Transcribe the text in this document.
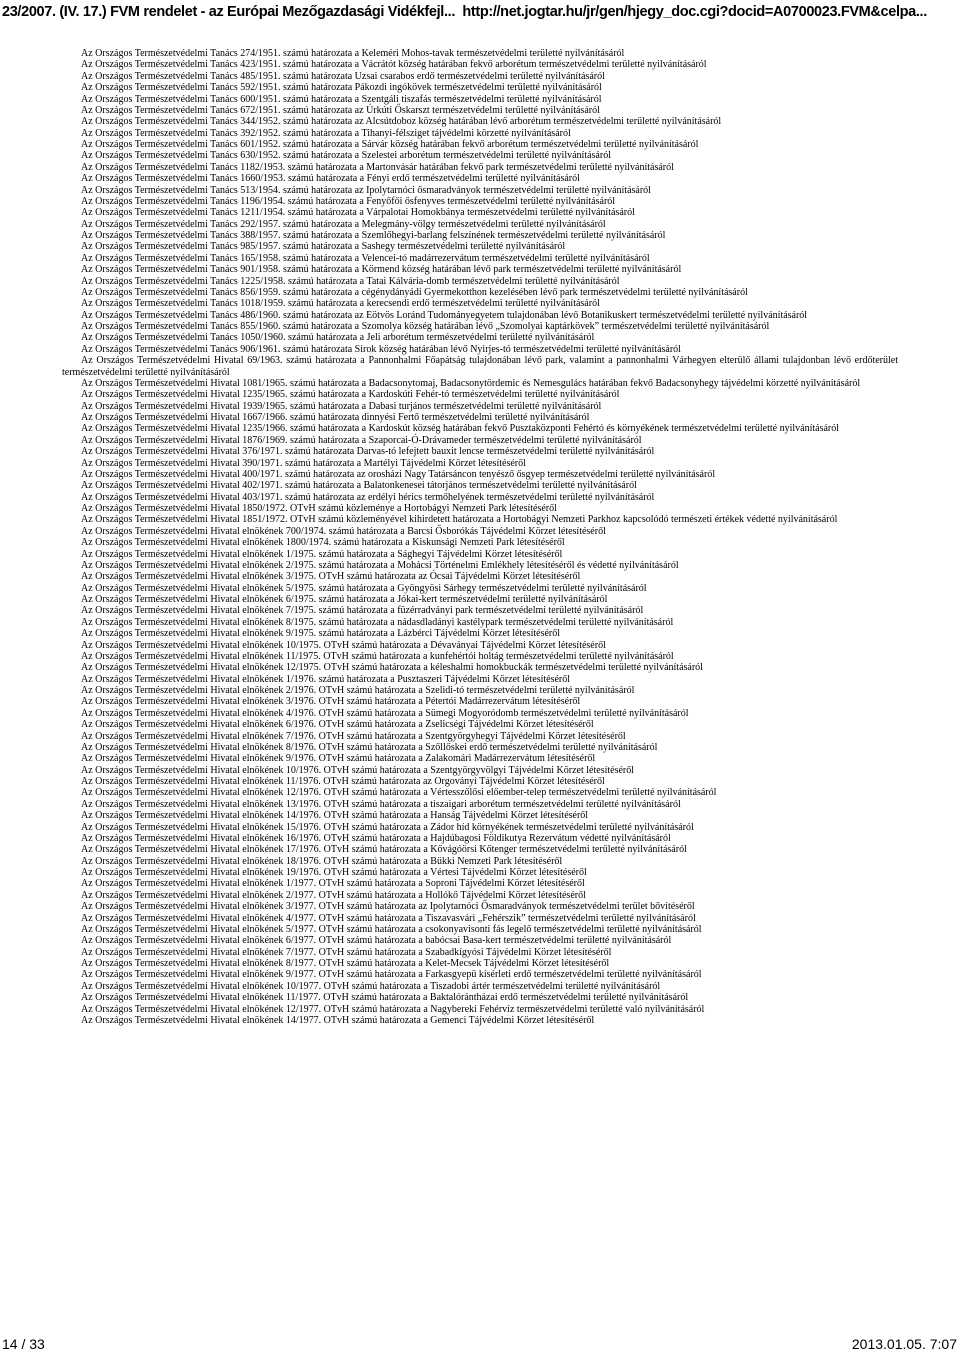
23/2007. (IV. 17.) FVM rendelet - az Európai Mezőgazdasági Vidékfejl... http://net.jogtar.hu/jr/gen/hjegy_doc.cgi?docid=A0700023.FVM&celpa...
Az Országos Természetvédelmi Tanács 274/1951. számú határozata a Keleméri Mohos-tavak természetvédelmi területté nyilvánításáról
Az Országos Természetvédelmi Tanács 423/1951. számú határozata a Vácrátót község határában fekvő arborétum természetvédelmi területté nyilvánításáról
Az Országos Természetvédelmi Tanács 485/1951. számú határozata Uzsai csarabos erdő természetvédelmi területté nyilvánításáról
Az Országos Természetvédelmi Tanács 592/1951. számú határozata Pákozdi ingókövek természetvédelmi területté nyilvánításáról
Az Országos Természetvédelmi Tanács 600/1951. számú határozata a Szentgáli tiszafás természetvédelmi területté nyilvánításáról
Az Országos Természetvédelmi Tanács 672/1951. számú határozata az Úrkúti Őskarszt természetvédelmi területté nyilvánításáról
Az Országos Természetvédelmi Tanács 344/1952. számú határozata az Alcsútdoboz község határában lévő arborétum természetvédelmi területté nyilvánításáról
Az Országos Természetvédelmi Tanács 392/1952. számú határozata a Tihanyi-félsziget tájvédelmi körzetté nyilvánításáról
Az Országos Természetvédelmi Tanács 601/1952. számú határozata a Sárvár község határában fekvő arborétum természetvédelmi területté nyilvánításáról
Az Országos Természetvédelmi Tanács 630/1952. számú határozata a Szelestei arborétum természetvédelmi területté nyilvánításáról
Az Országos Természetvédelmi Tanács 1182/1953. számú határozata a Martonvásár határában fekvő park természetvédelmi területté nyilvánításáról
Az Országos Természetvédelmi Tanács 1660/1953. számú határozata a Fényi erdő természetvédelmi területté nyilvánításáról
Az Országos Természetvédelmi Tanács 513/1954. számú határozata az Ipolytarnóci ősmaradványok természetvédelmi területté nyilvánításáról
Az Országos Természetvédelmi Tanács 1196/1954. számú határozata a Fenyőfői ősfenyves természetvédelmi területté nyilvánításáról
Az Országos Természetvédelmi Tanács 1211/1954. számú határozata a Várpalotai Homokbánya természetvédelmi területté nyilvánításáról
Az Országos Természetvédelmi Tanács 292/1957. számú határozata a Melegmány-völgy természetvédelmi területté nyilvánításáról
Az Országos Természetvédelmi Tanács 388/1957. számú határozata a Szemlőhegyi-barlang felszínének természetvédelmi területté nyilvánításáról
Az Országos Természetvédelmi Tanács 985/1957. számú határozata a Sashegy természetvédelmi területté nyilvánításáról
Az Országos Természetvédelmi Tanács 165/1958. számú határozata a Velencei-tó madárrezervátum természetvédelmi területté nyilvánításáról
Az Országos Természetvédelmi Tanács 901/1958. számú határozata a Körmend község határában lévő park természetvédelmi területté nyilvánításáról
Az Országos Természetvédelmi Tanács 1225/1958. számú határozata a Tatai Kálvária-domb természetvédelmi területté nyilvánításáról
Az Országos Természetvédelmi Tanács 856/1959. számú határozata a cégénydányádi Gyermekotthon kezelésében lévő park természetvédelmi területté nyilvánításáról
Az Országos Természetvédelmi Tanács 1018/1959. számú határozata a kerecsendi erdő természetvédelmi területté nyilvánításáról
Az Országos Természetvédelmi Tanács 486/1960. számú határozata az Eötvös Loránd Tudományegyetem tulajdonában lévő Botanikuskert természetvédelmi területté nyilvánításáról
Az Országos Természetvédelmi Tanács 855/1960. számú határozata a Szomolya község határában lévő „Szomolyai kaptárkövek” természetvédelmi területté nyilvánításáról
Az Országos Természetvédelmi Tanács 1050/1960. számú határozata a Jeli arborétum természetvédelmi területté nyilvánításáról
Az Országos Természetvédelmi Tanács 906/1961. számú határozata Sirok község határában lévő Nyirjes-tó természetvédelmi területté nyilvánításáról
Az Országos Természetvédelmi Hivatal 69/1963. számú határozata a Pannonhalmi Főapátság tulajdonában lévő park, valamint a pannonhalmi Várhegyen elterülő állami tulajdonban lévő erdőterület természetvédelmi területté nyilvánításáról
Az Országos Természetvédelmi Hivatal 1081/1965. számú határozata a Badacsonytomaj, Badacsonytördemic és Nemesgulács határában fekvő Badacsonyhegy tájvédelmi körzetté nyilvánításáról
Az Országos Természetvédelmi Hivatal 1235/1965. számú határozata a Kardoskúti Fehér-tó természetvédelmi területté nyilvánításáról
Az Országos Természetvédelmi Hivatal 1939/1965. számú határozata a Dabasi turjános természetvédelmi területté nyilvánításáról
Az Országos Természetvédelmi Hivatal 1667/1966. számú határozata dinnyési Fertő természetvédelmi területté nyilvánításáról
Az Országos Természetvédelmi Hivatal 1235/1966. számú határozata a Kardoskút község határában fekvő Pusztaközponti Fehértó és környékének természetvédelmi területté nyilvánításáról
Az Országos Természetvédelmi Hivatal 1876/1969. számú határozata a Szaporcai-Ó-Drávameder természetvédelmi területté nyilvánításáról
Az Országos Természetvédelmi Hivatal 376/1971. számú határozata Darvas-tó lefejtett bauxit lencse természetvédelmi területté nyilvánításáról
Az Országos Természetvédelmi Hivatal 390/1971. számú határozata a Martélyi Tájvédelmi Körzet létesítéséről
Az Országos Természetvédelmi Hivatal 400/1971. számú határozata az orosházi Nagy Tatársáncon tenyésző ősgyep természetvédelmi területté nyilvánításáról
Az Országos Természetvédelmi Hivatal 402/1971. számú határozata a Balatonkenesei tátorjános természetvédelmi területté nyilvánításáról
Az Országos Természetvédelmi Hivatal 403/1971. számú határozata az erdélyi hérics termőhelyének természetvédelmi területté nyilvánításáról
Az Országos Természetvédelmi Hivatal 1850/1972. OTvH számú közleménye a Hortobágyi Nemzeti Park létesítéséről
Az Országos Természetvédelmi Hivatal 1851/1972. OTvH számú közleményével kihirdetett határozata a Hortobágyi Nemzeti Parkhoz kapcsolódó természeti értékek védetté nyilvánításáról
Az Országos Természetvédelmi Hivatal elnökének 700/1974. számú határozata a Barcsi Ősborókás Tájvédelmi Körzet létesítéséről
Az Országos Természetvédelmi Hivatal elnökének 1800/1974. számú határozata a Kiskunsági Nemzeti Park létesítéséről
Az Országos Természetvédelmi Hivatal elnökének 1/1975. számú határozata a Sághegyi Tájvédelmi Körzet létesítéséről
Az Országos Természetvédelmi Hivatal elnökének 2/1975. számú határozata a Mohácsi Történelmi Emlékhely létesítéséről és védetté nyilvánításáról
Az Országos Természetvédelmi Hivatal elnökének 3/1975. OTvH számú határozata az Ócsai Tájvédelmi Körzet létesítéséről
Az Országos Természetvédelmi Hivatal elnökének 5/1975. számú határozata a Gyöngyösi Sárhegy természetvédelmi területté nyilvánításáról
Az Országos Természetvédelmi Hivatal elnökének 6/1975. számú határozata a Jókai-kert természetvédelmi területté nyilvánításáról
Az Országos Természetvédelmi Hivatal elnökének 7/1975. számú határozata a füzérradványi park természetvédelmi területté nyilvánításáról
Az Országos Természetvédelmi Hivatal elnökének 8/1975. számú határozata a nádasdladányi kastélypark természetvédelmi területté nyilvánításáról
Az Országos Természetvédelmi Hivatal elnökének 9/1975. számú határozata a Lázbérci Tájvédelmi Körzet létesítéséről
Az Országos Természetvédelmi Hivatal elnökének 10/1975. OTvH számú határozata a Dévaványai Tájvédelmi Körzet létesítéséről
Az Országos Természetvédelmi Hivatal elnökének 11/1975. OTvH számú határozata a kunfehértói holtág természetvédelmi területté nyilvánításáról
Az Országos Természetvédelmi Hivatal elnökének 12/1975. OTvH számú határozata a kéleshalmi homokbuckák természetvédelmi területté nyilvánításáról
Az Országos Természetvédelmi Hivatal elnökének 1/1976. számú határozata a Pusztaszeri Tájvédelmi Körzet létesítéséről
Az Országos Természetvédelmi Hivatal elnökének 2/1976. OTvH számú határozata a Szelidi-tó természetvédelmi területté nyilvánításáról
Az Országos Természetvédelmi Hivatal elnökének 3/1976. OTvH számú határozata a Pétertói Madárrezervátum létesítéséről
Az Országos Természetvédelmi Hivatal elnökének 4/1976. OTvH számú határozata a Sümegi Mogyoródomb természetvédelmi területté nyilvánításáról
Az Országos Természetvédelmi Hivatal elnökének 6/1976. OTvH számú határozata a Zselicségi Tájvédelmi Körzet létesítéséről
Az Országos Természetvédelmi Hivatal elnökének 7/1976. OTvH számú határozata a Szentgyörgyhegyi Tájvédelmi Körzet létesítéséről
Az Országos Természetvédelmi Hivatal elnökének 8/1976. OTvH számú határozata a Szőllőskei erdő természetvédelmi területté nyilvánításáról
Az Országos Természetvédelmi Hivatal elnökének 9/1976. OTvH számú határozata a Zalakomári Madárrezervátum létesítéséről
Az Országos Természetvédelmi Hivatal elnökének 10/1976. OTvH számú határozata a Szentgyörgyvölgyi Tájvédelmi Körzet létesítéséről
Az Országos Természetvédelmi Hivatal elnökének 11/1976. OTvH számú határozata az Orgoványi Tájvédelmi Körzet létesítéséről
Az Országos Természetvédelmi Hivatal elnökének 12/1976. OTvH számú határozata a Vértesszőlősi előember-telep természetvédelmi területté nyilvánításáról
Az Országos Természetvédelmi Hivatal elnökének 13/1976. OTvH számú határozata a tiszaigari arborétum természetvédelmi területté nyilvánításáról
Az Országos Természetvédelmi Hivatal elnökének 14/1976. OTvH számú határozata a Hanság Tájvédelmi Körzet létesítéséről
Az Országos Természetvédelmi Hivatal elnökének 15/1976. OTvH számú határozata a Zádor híd környékének természetvédelmi területté nyilvánításáról
Az Országos Természetvédelmi Hivatal elnökének 16/1976. OTvH számú határozata a Hajdúbagosi Földikutya Rezervátum védetté nyilvánításáról
Az Országos Természetvédelmi Hivatal elnökének 17/1976. OTvH számú határozata a Kővágóörsi Kőtenger természetvédelmi területté nyilvánításáról
Az Országos Természetvédelmi Hivatal elnökének 18/1976. OTvH számú határozata a Bükki Nemzeti Park létesítéséről
Az Országos Természetvédelmi Hivatal elnökének 19/1976. OTvH számú határozata a Vértesi Tájvédelmi Körzet létesítéséről
Az Országos Természetvédelmi Hivatal elnökének 1/1977. OTvH számú határozata a Soproni Tájvédelmi Körzet létesítéséről
Az Országos Természetvédelmi Hivatal elnökének 2/1977. OTvH számú határozata a Hollókő Tájvédelmi Körzet létesítéséről
Az Országos Természetvédelmi Hivatal elnökének 3/1977. OTvH számú határozata az Ipolytarnóci Ősmaradványok természetvédelmi terület bővítéséről
Az Országos Természetvédelmi Hivatal elnökének 4/1977. OTvH számú határozata a Tiszavasvári „Fehérszik” természetvédelmi területté nyilvánításáról
Az Országos Természetvédelmi Hivatal elnökének 5/1977. OTvH számú határozata a csokonyavisonti fás legelő természetvédelmi területté nyilvánításáról
Az Országos Természetvédelmi Hivatal elnökének 6/1977. OTvH számú határozata a babócsai Basa-kert természetvédelmi területté nyilvánításáról
Az Országos Természetvédelmi Hivatal elnökének 7/1977. OTvH számú határozata a Szabadkígyósi Tájvédelmi Körzet létesítéséről
Az Országos Természetvédelmi Hivatal elnökének 8/1977. OTvH számú határozata a Kelet-Mecsek Tájvédelmi Körzet létesítéséről
Az Országos Természetvédelmi Hivatal elnökének 9/1977. OTvH számú határozata a Farkasgyepü kísérleti erdő természetvédelmi területté nyilvánításáról
Az Országos Természetvédelmi Hivatal elnökének 10/1977. OTvH számú határozata a Tiszadobi ártér természetvédelmi területté nyilvánításáról
Az Országos Természetvédelmi Hivatal elnökének 11/1977. OTvH számú határozata a Baktalórántházai erdő természetvédelmi területté nyilvánításáról
Az Országos Természetvédelmi Hivatal elnökének 12/1977. OTvH számú határozata a Nagybereki Fehérvíz természetvédelmi területté való nyilvánításáról
Az Országos Természetvédelmi Hivatal elnökének 14/1977. OTvH számú határozata a Gemenci Tájvédelmi Körzet létesítéséről
14 / 33	2013.01.05. 7:07
